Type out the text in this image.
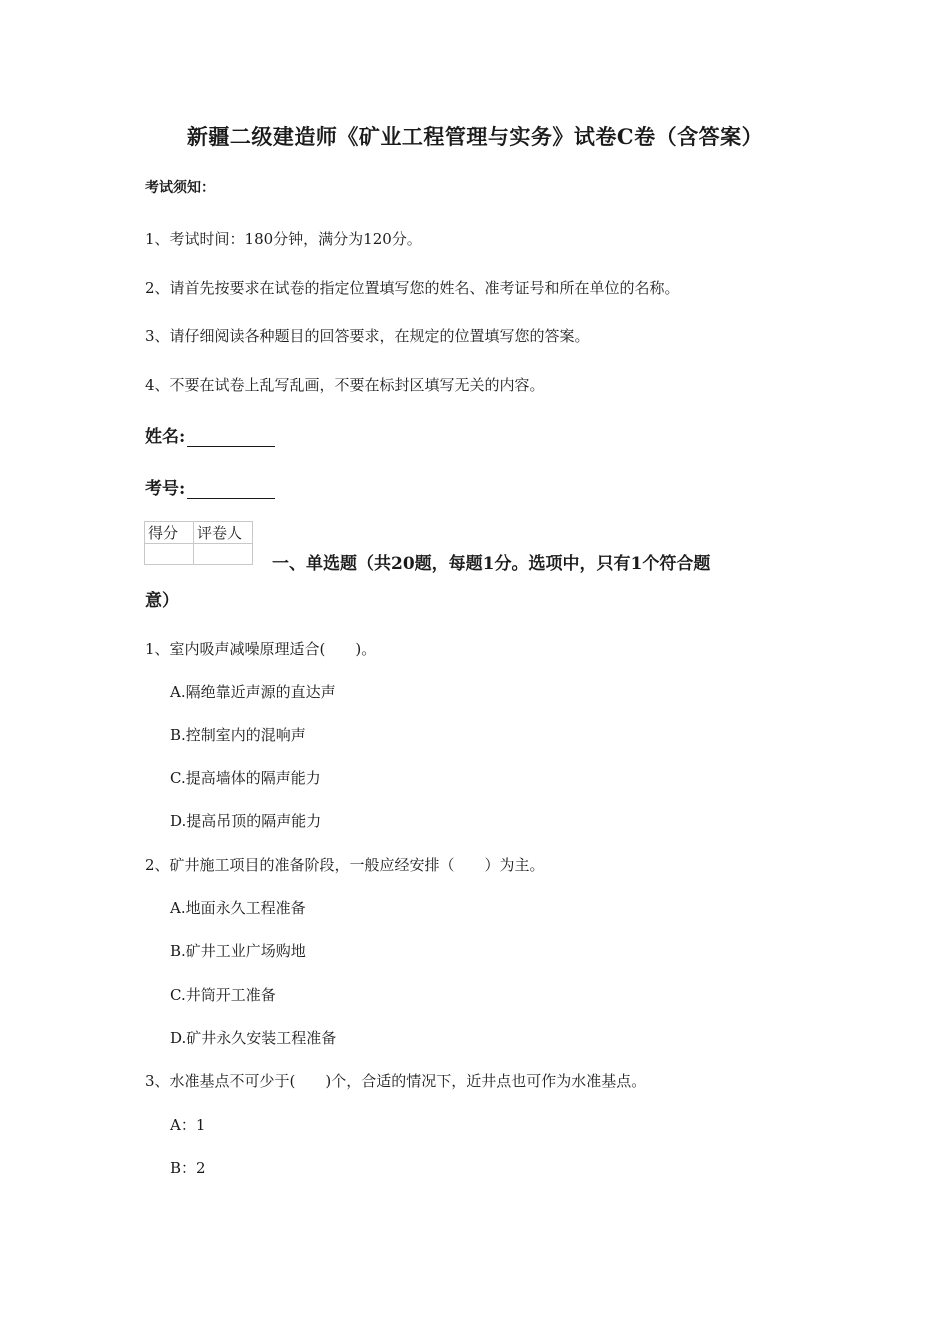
新疆二级建造师《矿业工程管理与实务》试卷C卷（含答案）
考试须知：
1、考试时间：180分钟，满分为120分。
2、请首先按要求在试卷的指定位置填写您的姓名、准考证号和所在单位的名称。
3、请仔细阅读各种题目的回答要求，在规定的位置填写您的答案。
4、不要在试卷上乱写乱画，不要在标封区填写无关的内容。
姓名:
考号:
得分	评卷人

一、单选题（共20题，每题1分。选项中，只有1个符合题
意）
1、室内吸声减噪原理适合(　　)。
A.隔绝靠近声源的直达声
B.控制室内的混响声
C.提高墙体的隔声能力
D.提高吊顶的隔声能力
2、矿井施工项目的准备阶段，一般应经安排（　　）为主。
A.地面永久工程准备
B.矿井工业广场购地
C.井筒开工准备
D.矿井永久安装工程准备
3、水准基点不可少于(　　)个，合适的情况下，近井点也可作为水准基点。
A：1
B：2
